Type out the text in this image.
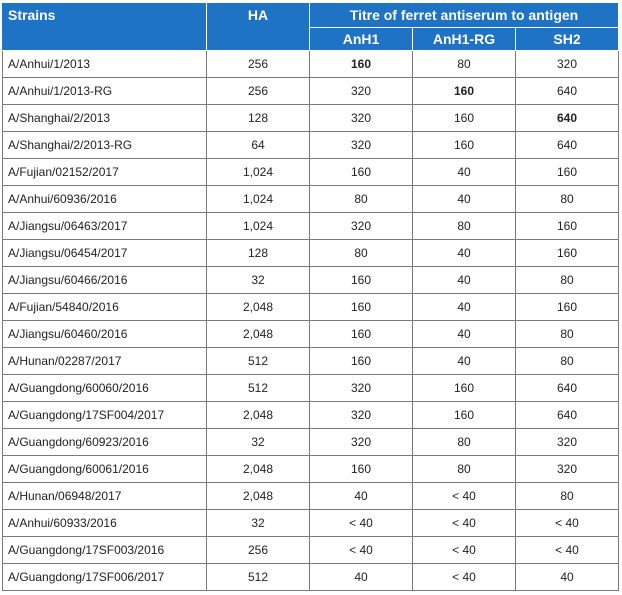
Strains	HA	Titre of ferret antiserum to antigen		
		AnH1	AnH1-RG	SH2
A/Anhui/1/2013	256	160	80	320
A/Anhui/1/2013-RG	256	320	160	640
A/Shanghai/2/2013	128	320	160	640
A/Shanghai/2/2013-RG	64	320	160	640
A/Fujian/02152/2017	1,024	160	40	160
A/Anhui/60936/2016	1,024	80	40	80
A/Jiangsu/06463/2017	1,024	320	80	160
A/Jiangsu/06454/2017	128	80	40	160
A/Jiangsu/60466/2016	32	160	40	80
A/Fujian/54840/2016	2,048	160	40	160
A/Jiangsu/60460/2016	2,048	160	40	80
A/Hunan/02287/2017	512	160	40	80
A/Guangdong/60060/2016	512	320	160	640
A/Guangdong/17SF004/2017	2,048	320	160	640
A/Guangdong/60923/2016	32	320	80	320
A/Guangdong/60061/2016	2,048	160	80	320
A/Hunan/06948/2017	2,048	40	< 40	80
A/Anhui/60933/2016	32	< 40	< 40	< 40
A/Guangdong/17SF003/2016	256	< 40	< 40	< 40
A/Guangdong/17SF006/2017	512	40	< 40	40
